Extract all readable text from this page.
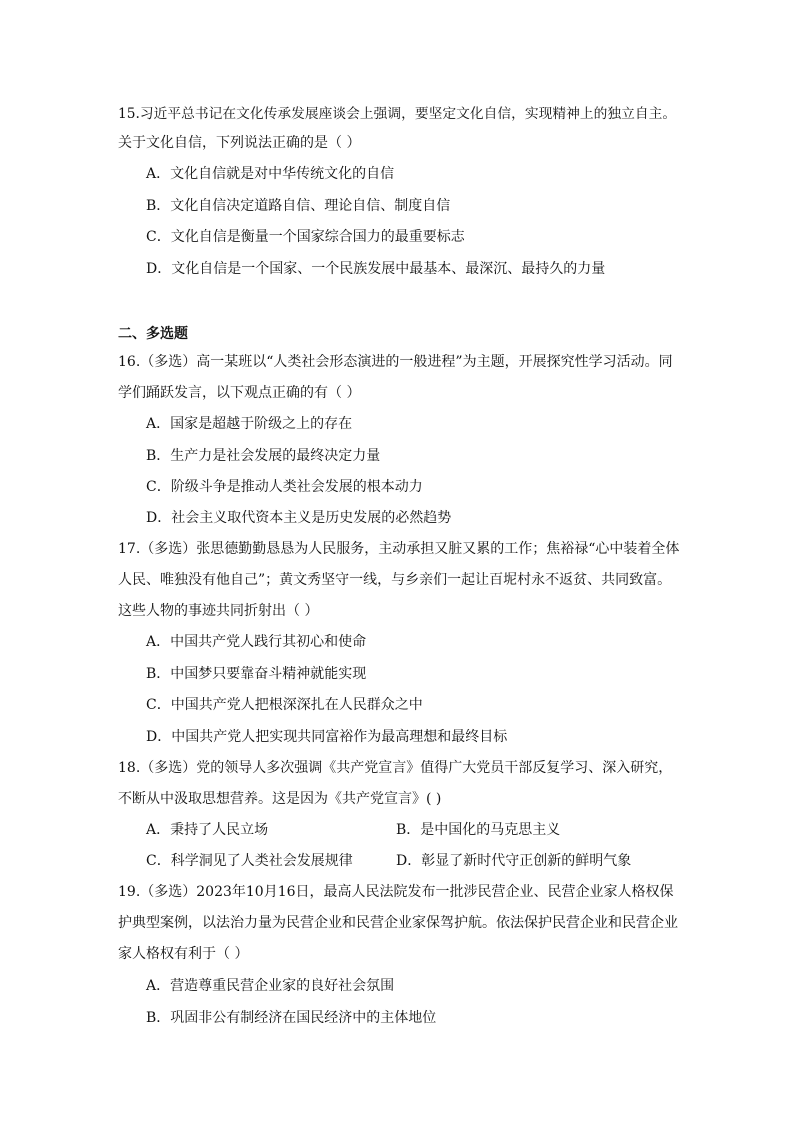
15.习近平总书记在文化传承发展座谈会上强调，要坚定文化自信，实现精神上的独立自主。
关于文化自信，下列说法正确的是（ ）
A．文化自信就是对中华传统文化的自信
B．文化自信决定道路自信、理论自信、制度自信
C．文化自信是衡量一个国家综合国力的最重要标志
D．文化自信是一个国家、一个民族发展中最基本、最深沉、最持久的力量
二、多选题
16.（多选）高一某班以“人类社会形态演进的一般进程”为主题，开展探究性学习活动。同
学们踊跃发言，以下观点正确的有（ ）
A．国家是超越于阶级之上的存在
B．生产力是社会发展的最终决定力量
C．阶级斗争是推动人类社会发展的根本动力
D．社会主义取代资本主义是历史发展的必然趋势
17.（多选）张思德勤勤恳恳为人民服务，主动承担又脏又累的工作；焦裕禄“心中装着全体
人民、唯独没有他自己”；黄文秀坚守一线，与乡亲们一起让百坭村永不返贫、共同致富。
这些人物的事迹共同折射出（ ）
A．中国共产党人践行其初心和使命
B．中国梦只要靠奋斗精神就能实现
C．中国共产党人把根深深扎在人民群众之中
D．中国共产党人把实现共同富裕作为最高理想和最终目标
18.（多选）党的领导人多次强调《共产党宣言》值得广大党员干部反复学习、深入研究，
不断从中汲取思想营养。这是因为《共产党宣言》( )
A．秉持了人民立场	B．是中国化的马克思主义
C．科学洞见了人类社会发展规律	D．彰显了新时代守正创新的鲜明气象
19.（多选）2023年10月16日，最高人民法院发布一批涉民营企业、民营企业家人格权保
护典型案例，以法治力量为民营企业和民营企业家保驾护航。依法保护民营企业和民营企业
家人格权有利于（ ）
A．营造尊重民营企业家的良好社会氛围
B．巩固非公有制经济在国民经济中的主体地位
